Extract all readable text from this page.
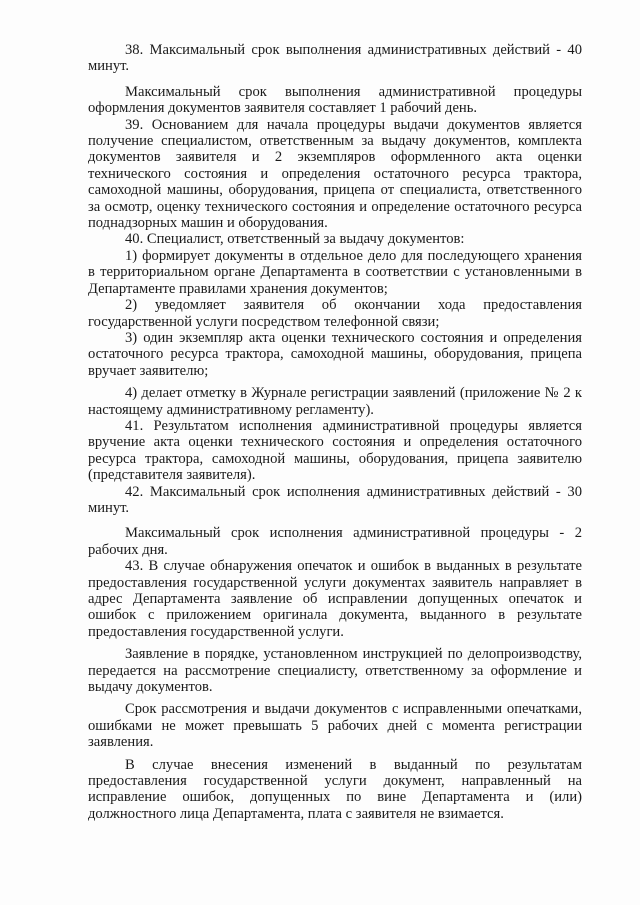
38. Максимальный срок выполнения административных действий - 40 минут.

Максимальный срок выполнения административной процедуры оформления документов заявителя составляет 1 рабочий день.

39. Основанием для начала процедуры выдачи документов является получение специалистом, ответственным за выдачу документов, комплекта документов заявителя и 2 экземпляров оформленного акта оценки технического состояния и определения остаточного ресурса трактора, самоходной машины, оборудования, прицепа от специалиста, ответственного за осмотр, оценку технического состояния и определение остаточного ресурса поднадзорных машин и оборудования.

40. Специалист, ответственный за выдачу документов:

1) формирует документы в отдельное дело для последующего хранения в территориальном органе Департамента в соответствии с установленными в Департаменте правилами хранения документов;

2) уведомляет заявителя об окончании хода предоставления государственной услуги посредством телефонной связи;

3) один экземпляр акта оценки технического состояния и определения остаточного ресурса трактора, самоходной машины, оборудования, прицепа вручает заявителю;

4) делает отметку в Журнале регистрации заявлений (приложение № 2 к настоящему административному регламенту).

41. Результатом исполнения административной процедуры является вручение акта оценки технического состояния и определения остаточного ресурса трактора, самоходной машины, оборудования, прицепа заявителю (представителя заявителя).

42. Максимальный срок исполнения административных действий - 30 минут.

Максимальный срок исполнения административной процедуры - 2 рабочих дня.

43. В случае обнаружения опечаток и ошибок в выданных в результате предоставления государственной услуги документах заявитель направляет в адрес Департамента заявление об исправлении допущенных опечаток и ошибок с приложением оригинала документа, выданного в результате предоставления государственной услуги.

Заявление в порядке, установленном инструкцией по делопроизводству, передается на рассмотрение специалисту, ответственному за оформление и выдачу документов.

Срок рассмотрения и выдачи документов с исправленными опечатками, ошибками не может превышать 5 рабочих дней с момента регистрации заявления.

В случае внесения изменений в выданный по результатам предоставления государственной услуги документ, направленный на исправление ошибок, допущенных по вине Департамента и (или) должностного лица Департамента, плата с заявителя не взимается.
